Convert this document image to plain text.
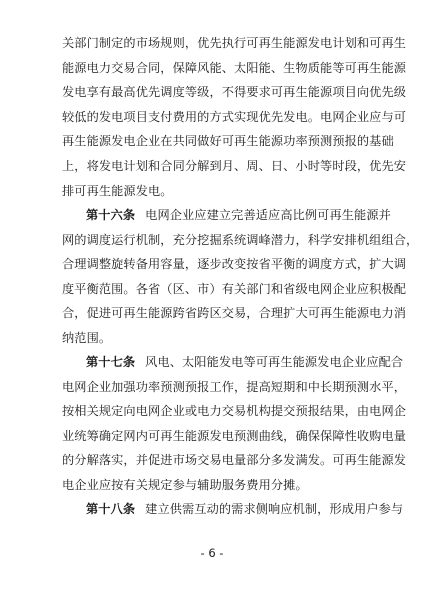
关部门制定的市场规则，优先执行可再生能源发电计划和可再生
能源电力交易合同，保障风能、太阳能、生物质能等可再生能源
发电享有最高优先调度等级，不得要求可再生能源项目向优先级
较低的发电项目支付费用的方式实现优先发电。电网企业应与可
再生能源发电企业在共同做好可再生能源功率预测预报的基础
上，将发电计划和合同分解到月、周、日、小时等时段，优先安
排可再生能源发电。
第十六条 电网企业应建立完善适应高比例可再生能源并
网的调度运行机制，充分挖掘系统调峰潜力，科学安排机组组合，
合理调整旋转备用容量，逐步改变按省平衡的调度方式，扩大调
度平衡范围。各省（区、市）有关部门和省级电网企业应积极配
合，促进可再生能源跨省跨区交易，合理扩大可再生能源电力消
纳范围。
第十七条 风电、太阳能发电等可再生能源发电企业应配合
电网企业加强功率预测预报工作，提高短期和中长期预测水平，
按相关规定向电网企业或电力交易机构提交预报结果，由电网企
业统筹确定网内可再生能源发电预测曲线，确保保障性收购电量
的分解落实，并促进市场交易电量部分多发满发。可再生能源发
电企业应按有关规定参与辅助服务费用分摊。
第十八条 建立供需互动的需求侧响应机制，形成用户参与
- 6 -
